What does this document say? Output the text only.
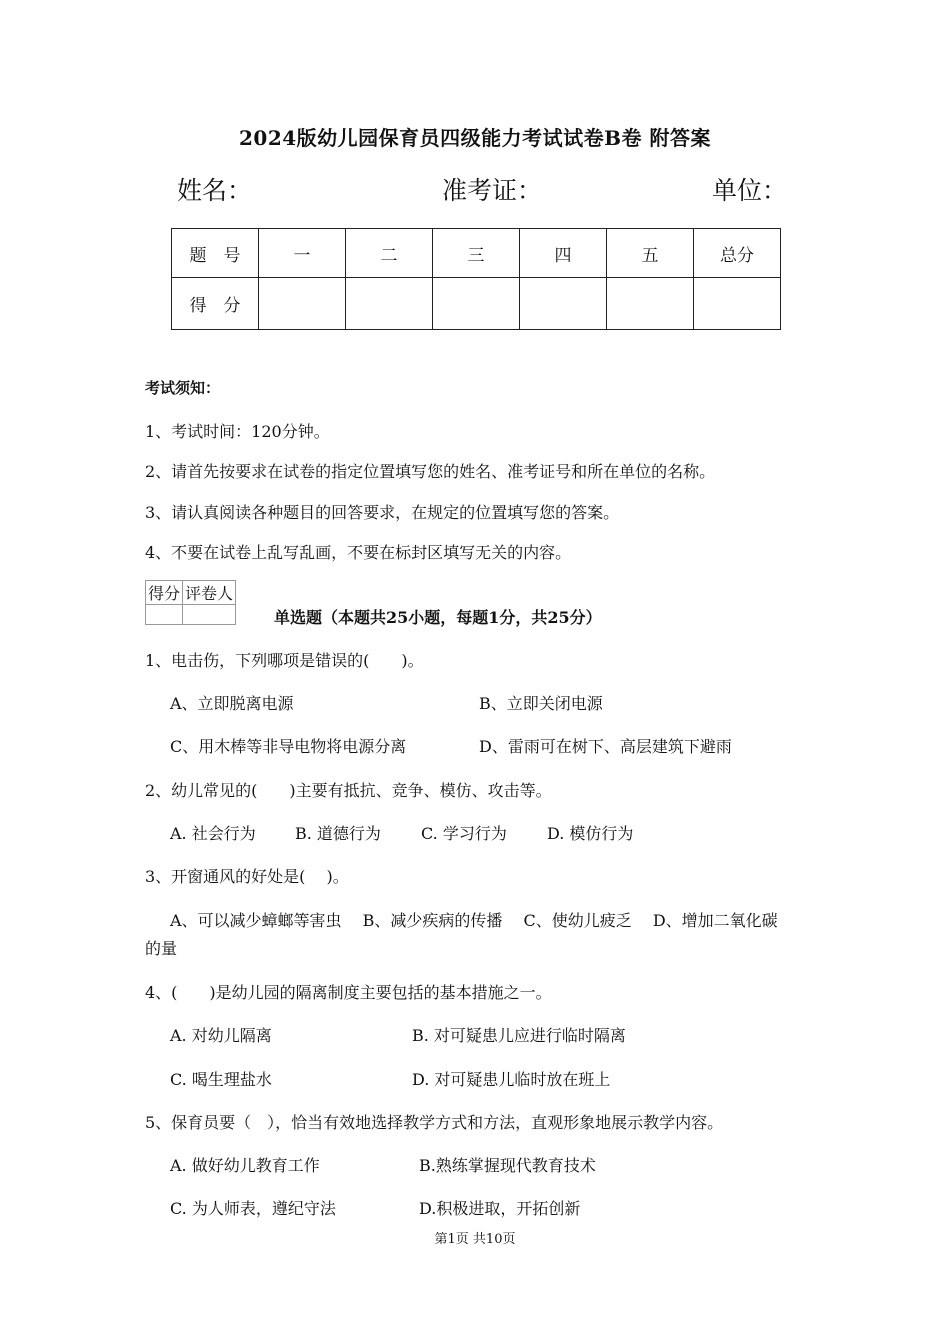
2024版幼儿园保育员四级能力考试试卷B卷 附答案
姓名：	准考证：	单位：
题　号	一	二	三	四	五	总分
得　分						
考试须知：
1、考试时间：120分钟。
2、请首先按要求在试卷的指定位置填写您的姓名、准考证号和所在单位的名称。
3、请认真阅读各种题目的回答要求，在规定的位置填写您的答案。
4、不要在试卷上乱写乱画，不要在标封区填写无关的内容。
得分	评卷人

单选题（本题共25小题，每题1分，共25分）
1、电击伤，下列哪项是错误的(　　)。
A、立即脱离电源	B、立即关闭电源
C、用木棒等非导电物将电源分离	D、雷雨可在树下、高层建筑下避雨
2、幼儿常见的(　　)主要有抵抗、竞争、模仿、攻击等。
A. 社会行为 B. 道德行为	C. 学习行为	D. 模仿行为
3、开窗通风的好处是(　 )。
A、可以减少蟑螂等害虫　 B、减少疾病的传播　 C、使幼儿疲乏　 D、增加二氧化碳
的量
4、(　　)是幼儿园的隔离制度主要包括的基本措施之一。
A. 对幼儿隔离	B. 对可疑患儿应进行临时隔离
C. 喝生理盐水	D. 对可疑患儿临时放在班上
5、保育员要（　），恰当有效地选择教学方式和方法，直观形象地展示教学内容。
A. 做好幼儿教育工作	B.熟练掌握现代教育技术
C. 为人师表，遵纪守法	D.积极进取，开拓创新
第1页 共10页
